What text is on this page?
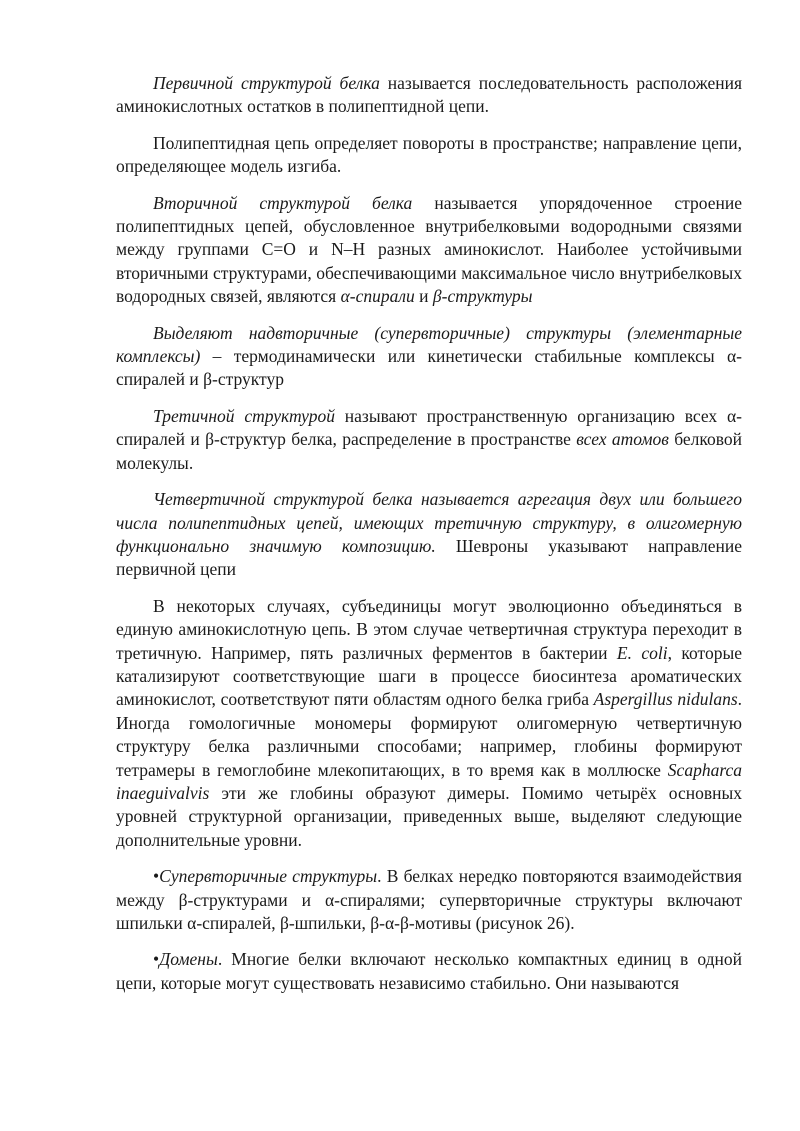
Первичной структурой белка называется последовательность расположения аминокислотных остатков в полипептидной цепи.

Полипептидная цепь определяет повороты в пространстве; направление цепи, определяющее модель изгиба.

Вторичной структурой белка называется упорядоченное строение полипептидных цепей, обусловленное внутрибелковыми водородными связями между группами С=О и N–H разных аминокислот. Наиболее устойчивыми вторичными структурами, обеспечивающими максимальное число внутрибелковых водородных связей, являются α-спирали и β-структуры

Выделяют надвторичные (супервторичные) структуры (элементарные комплексы) – термодинамически или кинетически стабильные комплексы α-спиралей и β-структур

Третичной структурой называют пространственную организацию всех α-спиралей и β-структур белка, распределение в пространстве всех атомов белковой молекулы.

Четвертичной структурой белка называется агрегация двух или большего числа полипептидных цепей, имеющих третичную структуру, в олигомерную функционально значимую композицию. Шевроны указывают направление первичной цепи

В некоторых случаях, субъединицы могут эволюционно объединяться в единую аминокислотную цепь. В этом случае четвертичная структура переходит в третичную. Например, пять различных ферментов в бактерии E. coli, которые катализируют соответствующие шаги в процессе биосинтеза ароматических аминокислот, соответствуют пяти областям одного белка гриба Aspergillus nidulans. Иногда гомологичные мономеры формируют олигомерную четвертичную структуру белка различными способами; например, глобины формируют тетрамеры в гемоглобине млекопитающих, в то время как в моллюске Scapharca inaeguivalvis эти же глобины образуют димеры. Помимо четырёх основных уровней структурной организации, приведенных выше, выделяют следующие дополнительные уровни.

•Супервторичные структуры. В белках нередко повторяются взаимодействия между β-структурами и α-спиралями; супервторичные структуры включают шпильки α-спиралей, β-шпильки, β-α-β-мотивы (рисунок 26).

•Домены. Многие белки включают несколько компактных единиц в одной цепи, которые могут существовать независимо стабильно. Они называются
